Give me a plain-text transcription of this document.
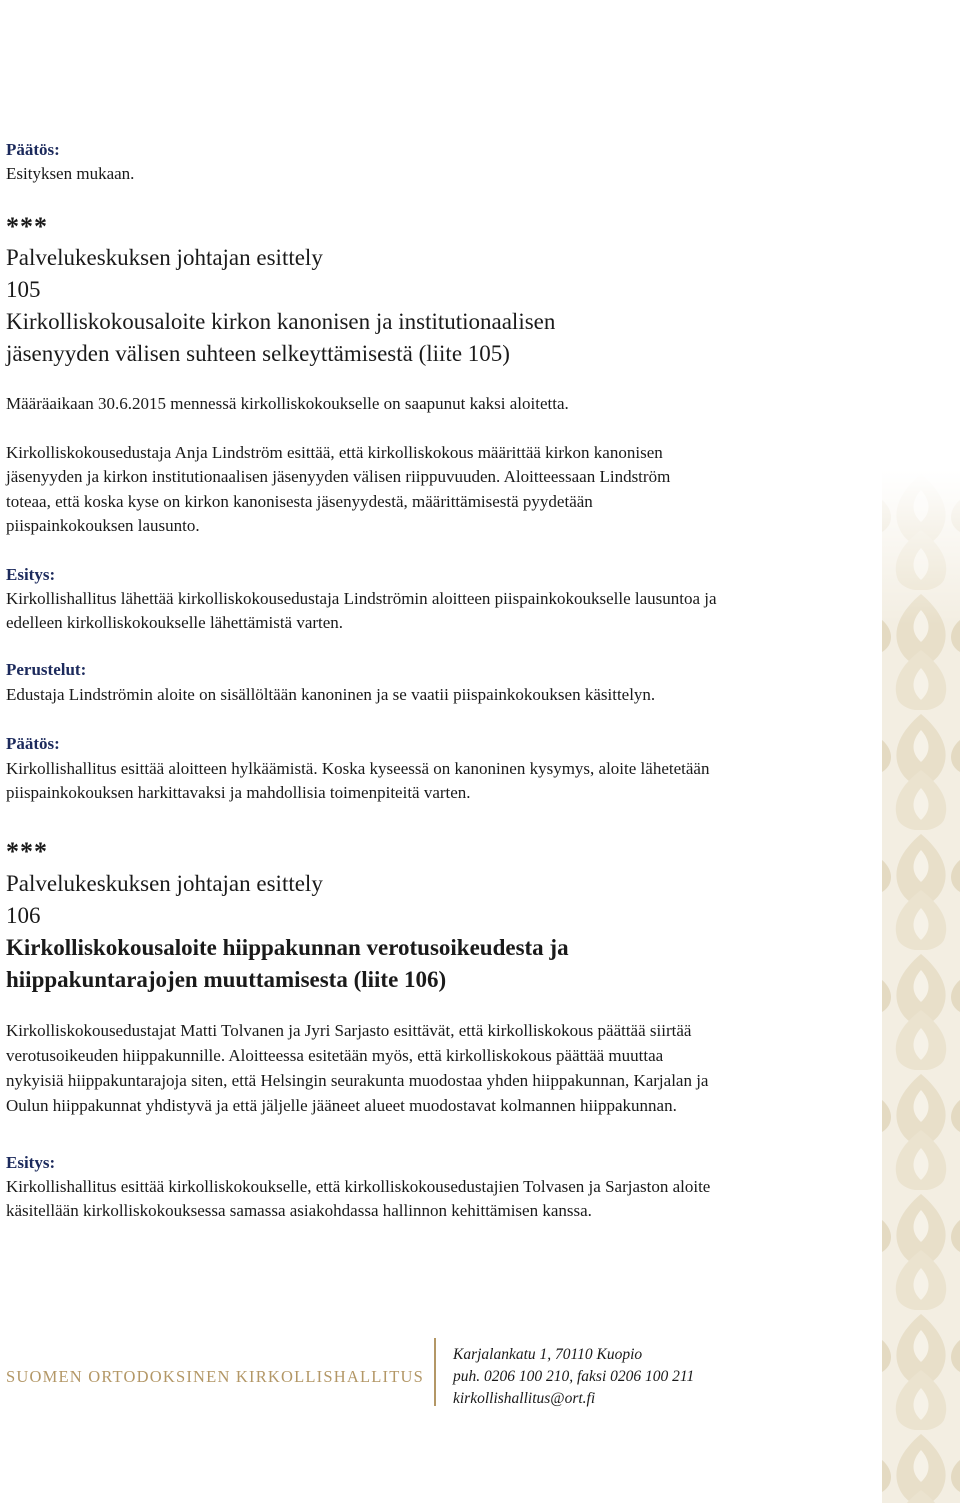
Päätös:
Esityksen mukaan.
***
Palvelukeskuksen johtajan esittely
105
Kirkolliskokousaloite kirkon kanonisen ja institutionaalisen
jäsenyyden välisen suhteen selkeyttämisestä (liite 105)
Määräaikaan 30.6.2015 mennessä kirkolliskokoukselle on saapunut kaksi aloitetta.
Kirkolliskokousedustaja Anja Lindström esittää, että kirkolliskokous määrittää kirkon kanonisen
jäsenyyden ja kirkon institutionaalisen jäsenyyden välisen riippuvuuden. Aloitteessaan Lindström
toteaa, että koska kyse on kirkon kanonisesta jäsenyydestä, määrittämisestä pyydetään
piispainkokouksen lausunto.
Esitys:
Kirkollishallitus lähettää kirkolliskokousedustaja Lindströmin aloitteen piispainkokoukselle lausuntoa ja
edelleen kirkolliskokoukselle lähettämistä varten.
Perustelut:
Edustaja Lindströmin aloite on sisällöltään kanoninen ja se vaatii piispainkokouksen käsittelyn.
Päätös:
Kirkollishallitus esittää aloitteen hylkäämistä. Koska kyseessä on kanoninen kysymys, aloite lähetetään
piispainkokouksen harkittavaksi ja mahdollisia toimenpiteitä varten.
***
Palvelukeskuksen johtajan esittely
106
Kirkolliskokousaloite hiippakunnan verotusoikeudesta ja
hiippakuntarajojen muuttamisesta (liite 106)
Kirkolliskokousedustajat Matti Tolvanen ja Jyri Sarjasto esittävät, että kirkolliskokous päättää siirtää
verotusoikeuden hiippakunnille. Aloitteessa esitetään myös, että kirkolliskokous päättää muuttaa
nykyisiä hiippakuntarajoja siten, että Helsingin seurakunta muodostaa yhden hiippakunnan, Karjalan ja
Oulun hiippakunnat yhdistyvä ja että jäljelle jääneet alueet muodostavat kolmannen hiippakunnan.
Esitys:
Kirkollishallitus esittää kirkolliskokoukselle, että kirkolliskokousedustajien Tolvasen ja Sarjaston aloite
käsitellään kirkolliskokouksessa samassa asiakohdassa hallinnon kehittämisen kanssa.
SUOMEN ORTODOKSINEN KIRKOLLISHALLITUS
Karjalankatu 1, 70110 Kuopio
puh. 0206 100 210, faksi 0206 100 211
kirkollishallitus@ort.fi
